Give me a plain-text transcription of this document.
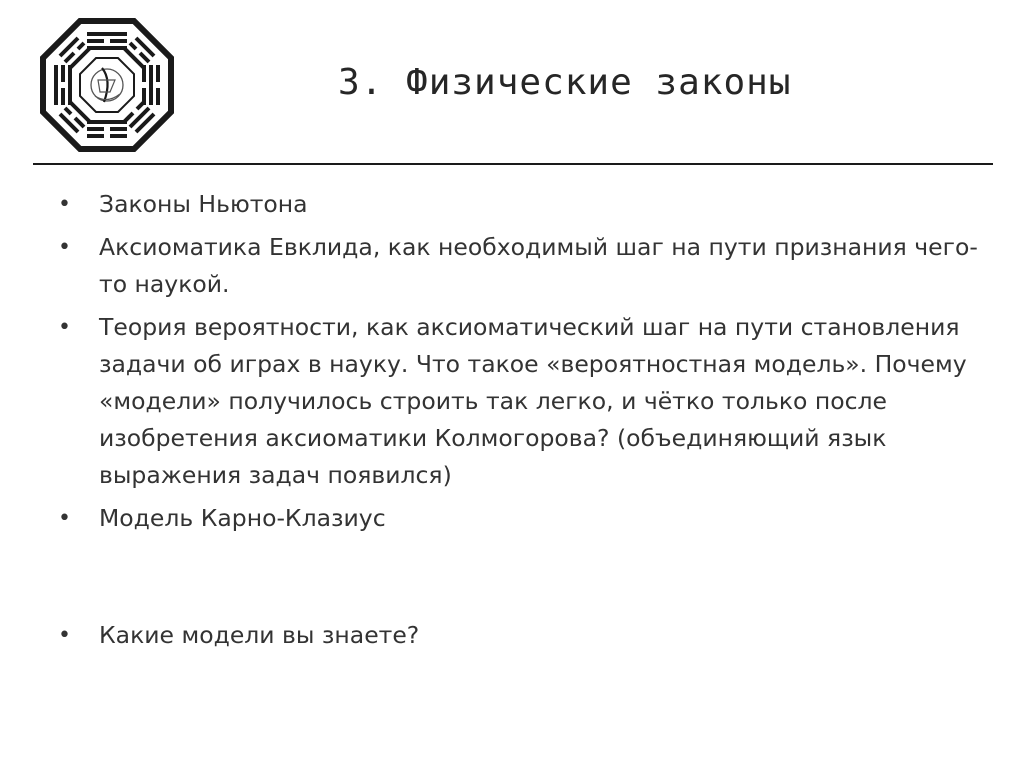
3. Физические законы
• Законы Ньютона
• Аксиоматика Евклида, как необходимый шаг на пути признания чего-то наукой.
• Теория вероятности, как аксиоматический шаг на пути становления задачи об играх в науку. Что такое «вероятностная модель». Почему «модели» получилось строить так легко, и чётко только после изобретения аксиоматики Колмогорова? (объединяющий язык выражения задач появился)
• Модель Карно-Клазиус
• Какие модели вы знаете?
